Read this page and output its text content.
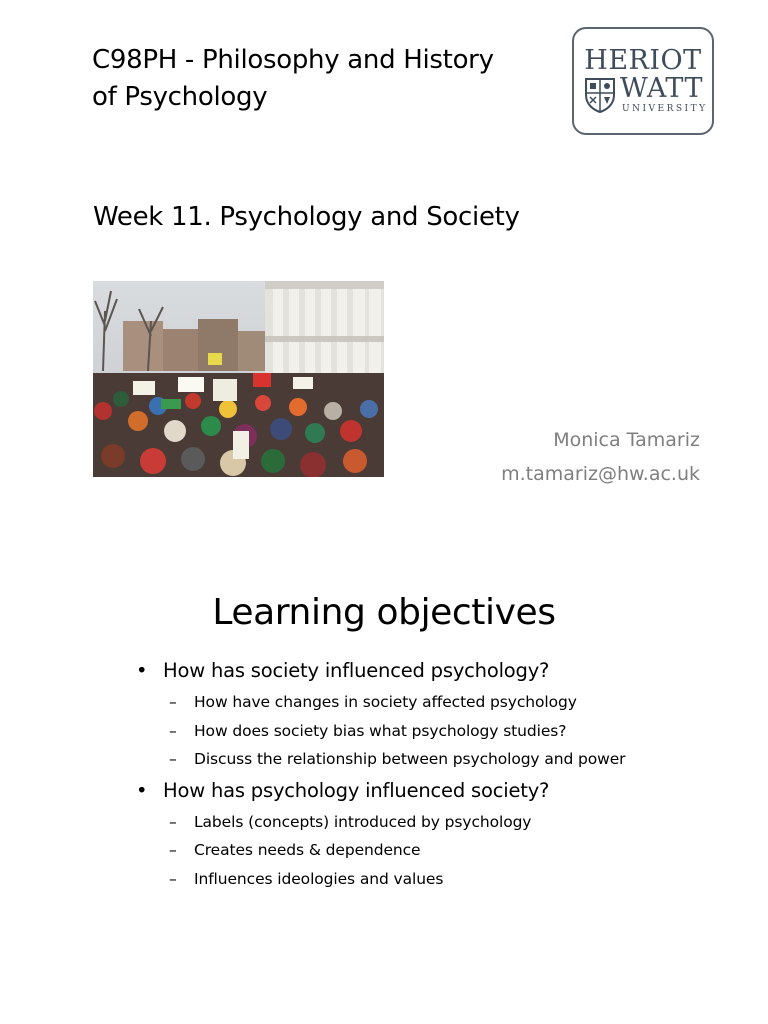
C98PH - Philosophy and History
of Psychology
HERIOT
WATT
UNIVERSITY
Week 11. Psychology and Society
Monica Tamariz
m.tamariz@hw.ac.uk
Learning objectives
• How has society influenced psychology?
– How have changes in society affected psychology
– How does society bias what psychology studies?
– Discuss the relationship between psychology and power
• How has psychology influenced society?
– Labels (concepts) introduced by psychology
– Creates needs & dependence
– Influences ideologies and values
